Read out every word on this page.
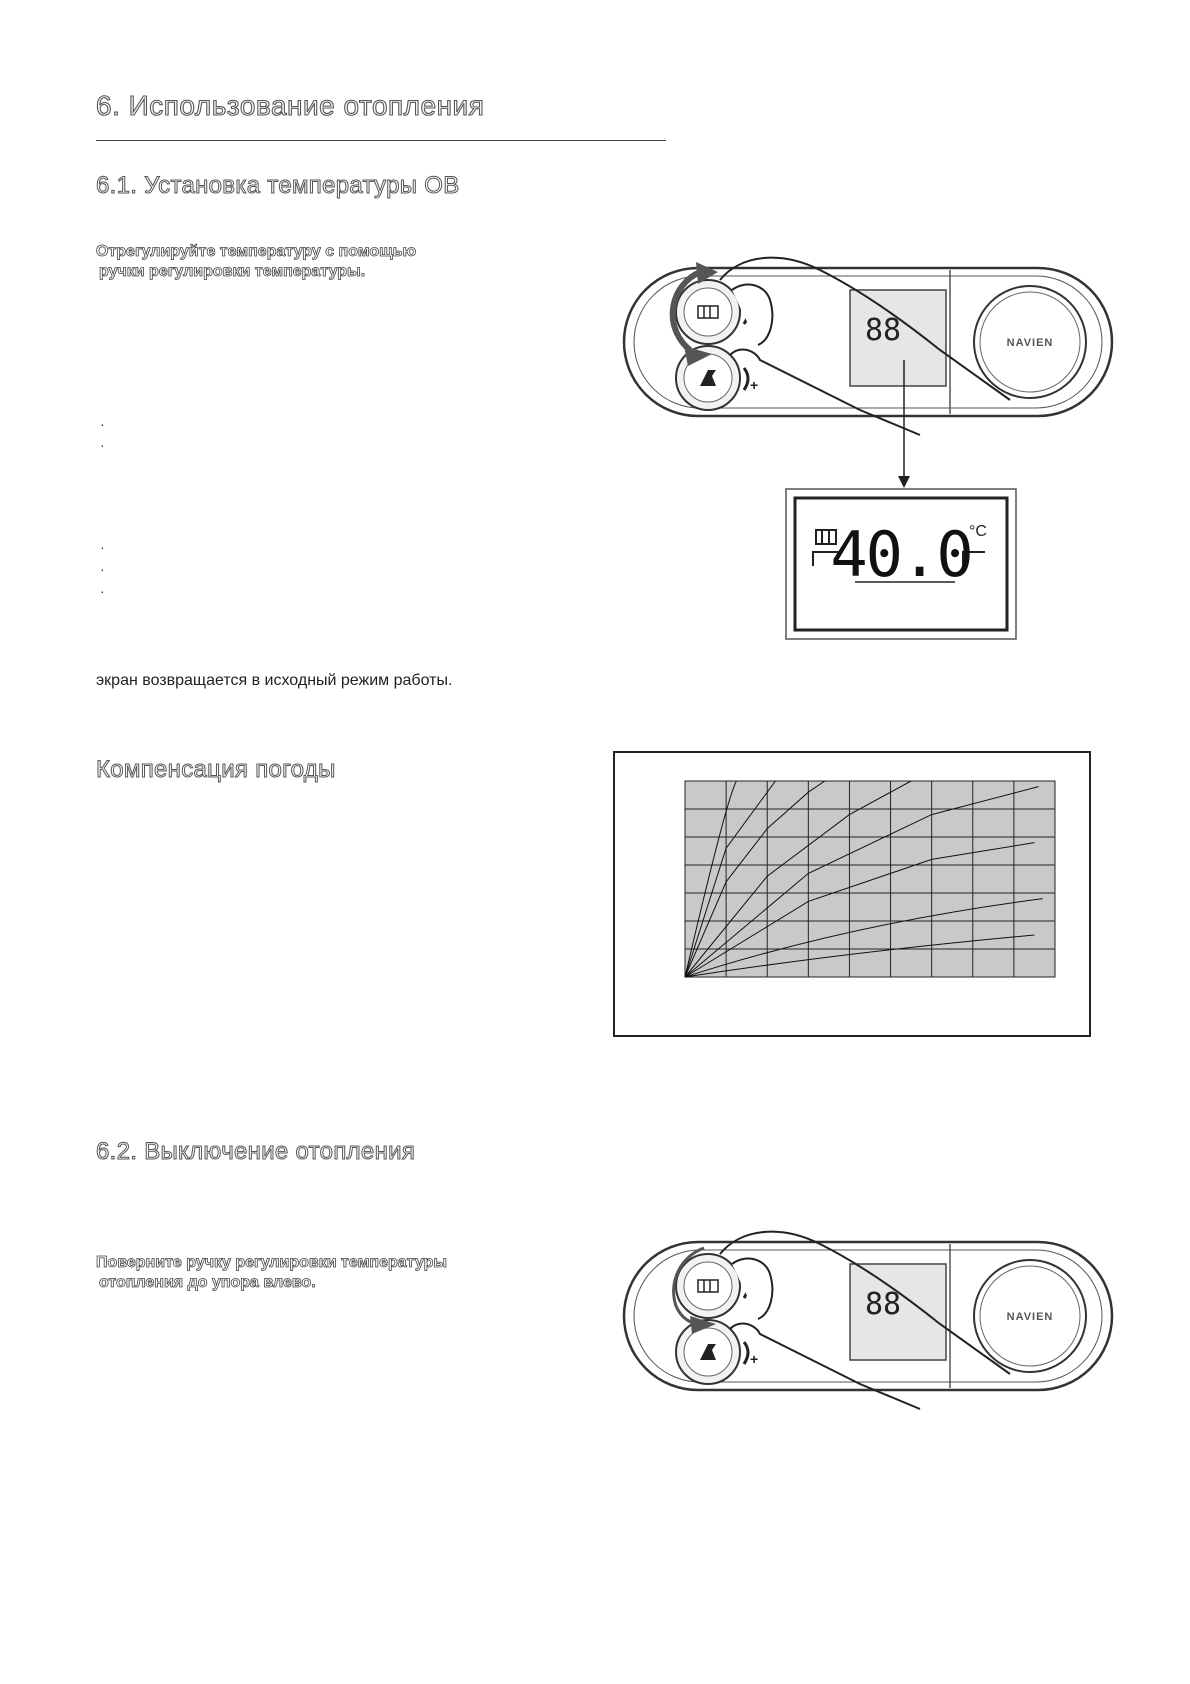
6. Использование отопления
6.1. Установка температуры ОВ
Отрегулируйте температуру с помощью
ручки регулировки температуры.
·
·
·
·
·
экран возвращается в исходный режим работы.
Компенсация погоды
6.2. Выключение отопления
Поверните ручку регулировки температуры
отопления до упора влево.
88
+
NAVIEN
40.0
°C
88
+
NAVIEN
